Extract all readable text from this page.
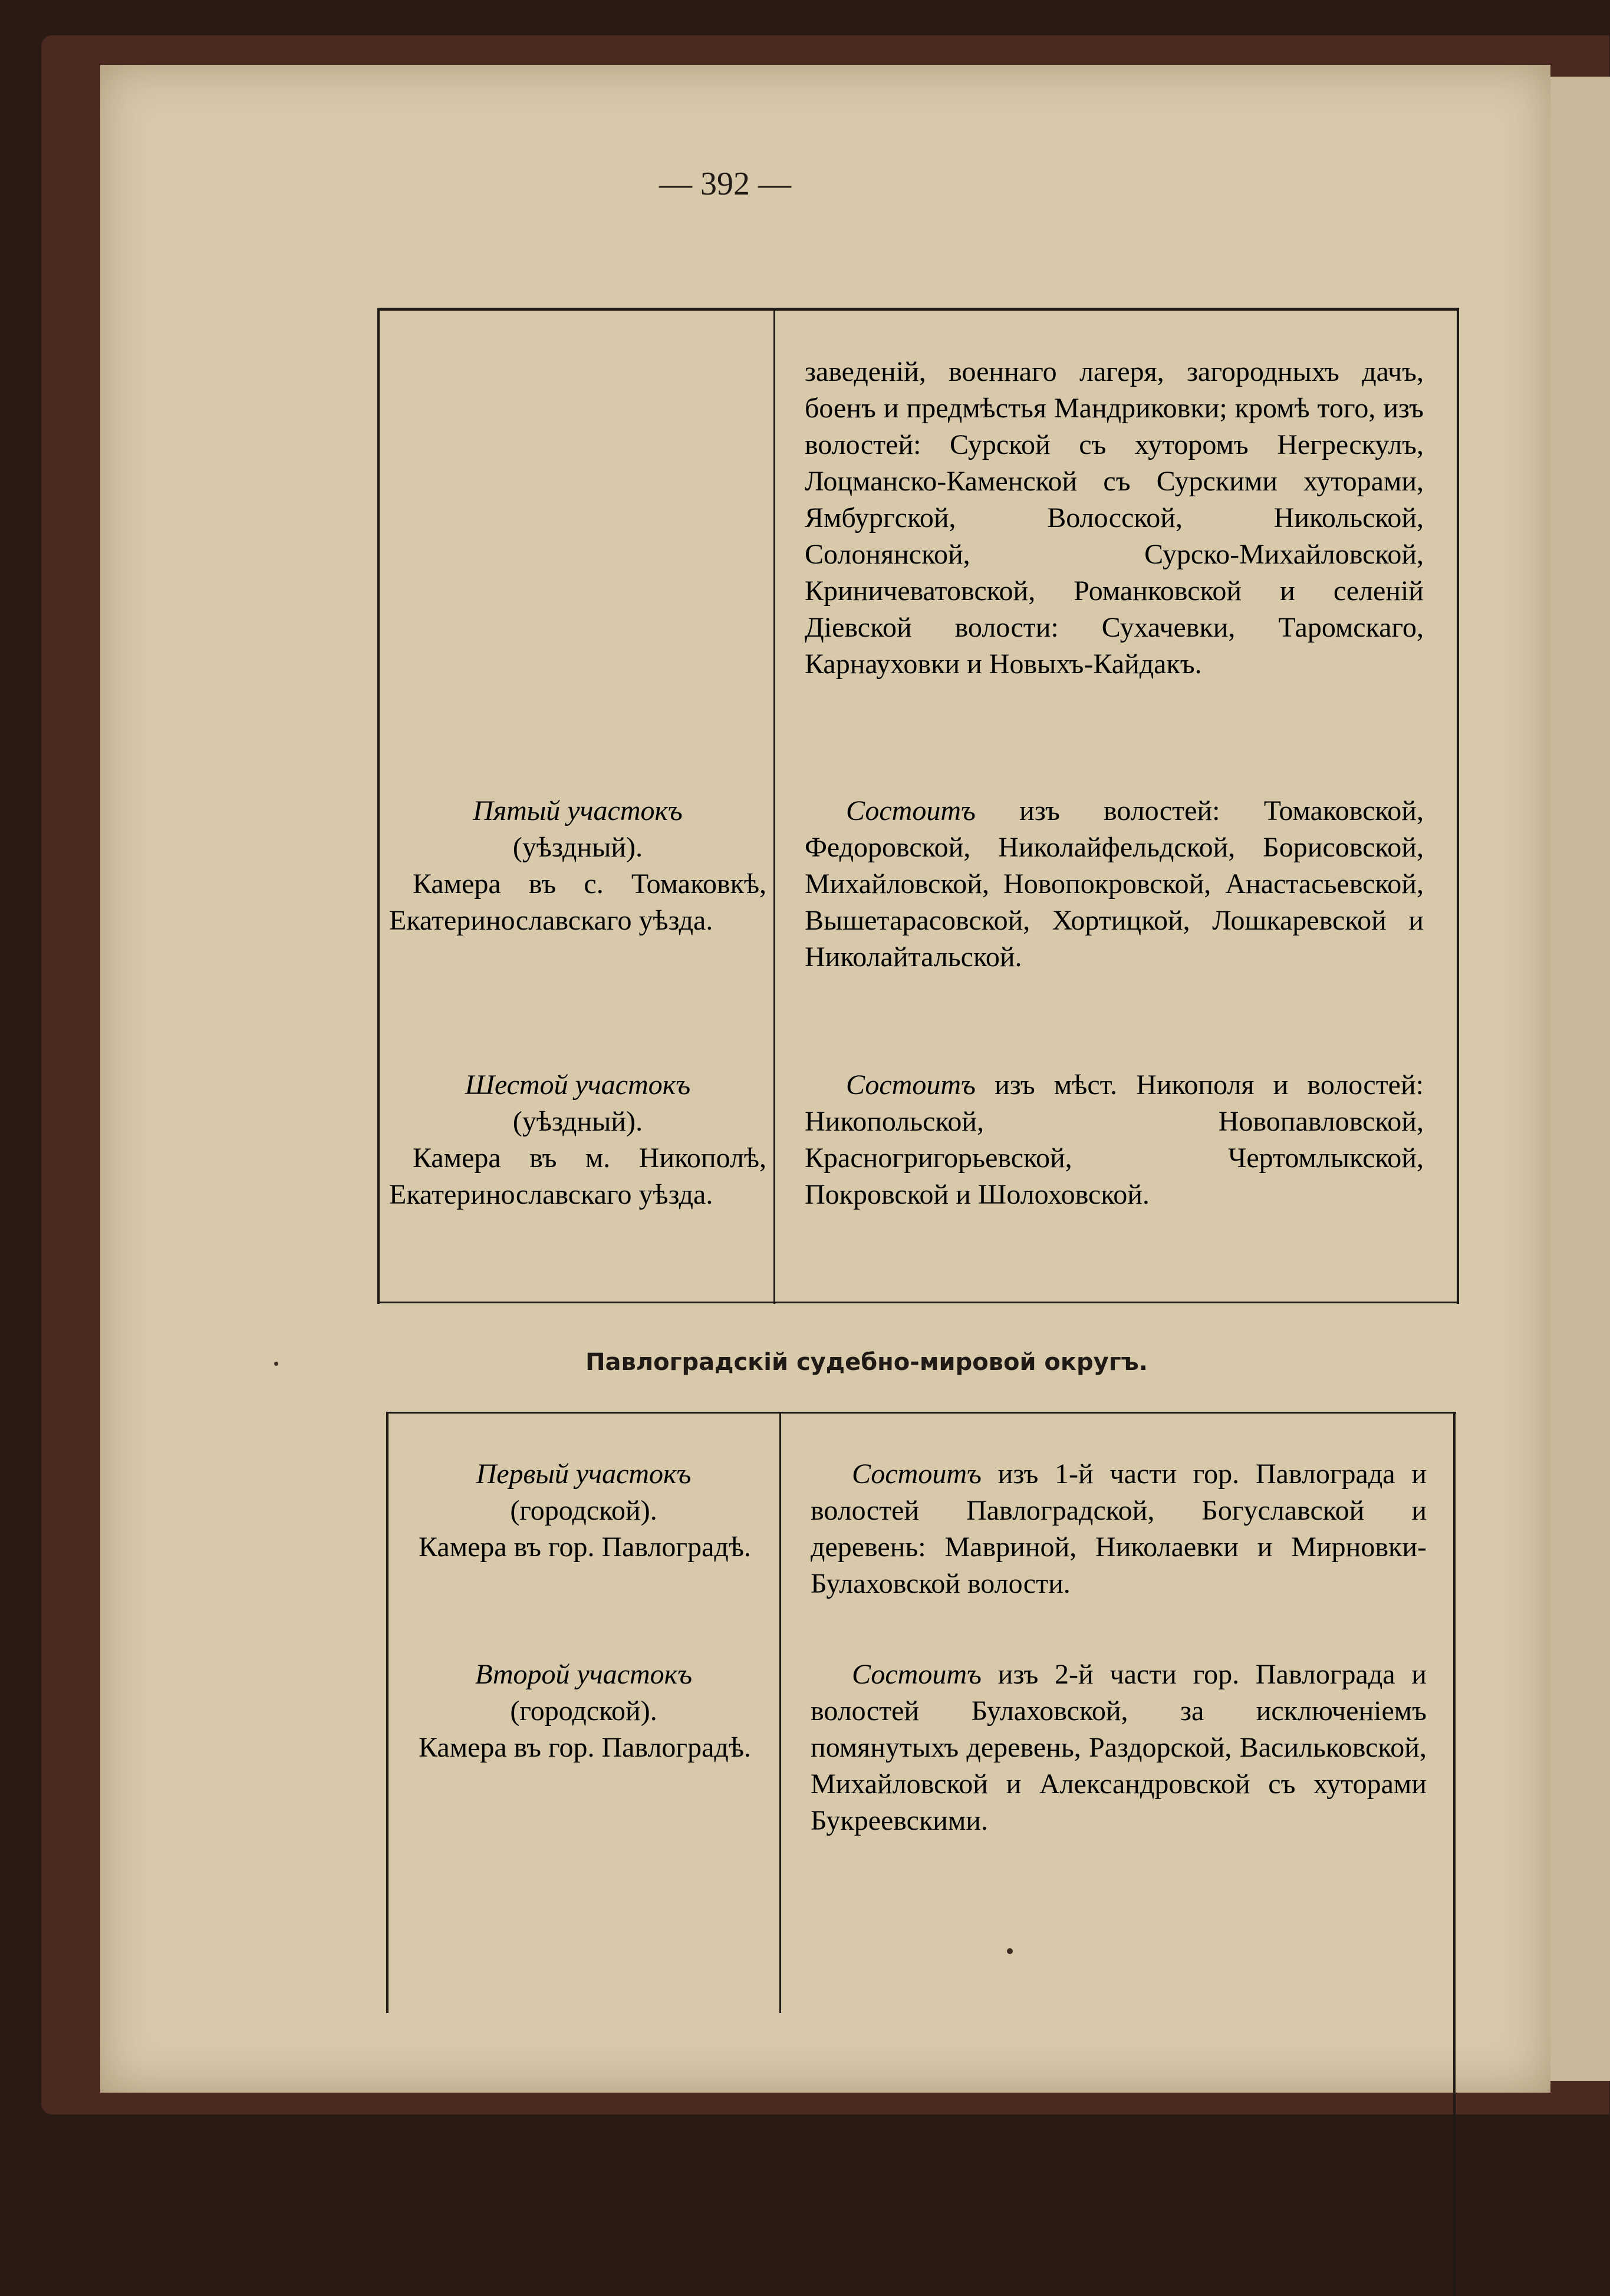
— 392 —
Павлоградскій судебно-мировой округъ.
заведеній, военнаго лагеря, загородныхъ дачъ, боенъ и предмѣстья Мандриковки; кромѣ того, изъ волостей: Сурской съ хуторомъ Негрескулъ, Лоцманско-Каменской съ Сурскими хуторами, Ямбургской, Волосской, Никольской, Солонянской, Сурско-Михайловской, Криничеватовской, Романковской и селеній Діевской волости: Сухачевки, Таромскаго, Карнауховки и Новыхъ-Кайдакъ.
Пятый участокъ
(уѣздный).
Камера въ с. Томаковкѣ, Екатеринославскаго уѣзда.
Состоитъ изъ волостей: Томаковской, Федоровской, Николайфельдской, Борисовской, Михайловской, Новопокровской, Анастасьевской, Вышетарасовской, Хортицкой, Лошкаревской и Николайтальской.
Шестой участокъ
(уѣздный).
Камера въ м. Никополѣ, Екатеринославскаго уѣзда.
Состоитъ изъ мѣст. Никополя и волостей: Никопольской, Новопавловской, Красногригорьевской, Чертомлыкской, Покровской и Шолоховской.
Первый участокъ
(городской).
Камера въ гор. Павлоградѣ.
Состоитъ изъ 1-й части гор. Павлограда и волостей Павлоградской, Богуславской и деревень: Мавриной, Николаевки и Мирновки-Булаховской волости.
Второй участокъ
(городской).
Камера въ гор. Павлоградѣ.
Состоитъ изъ 2-й части гор. Павлограда и волостей Булаховской, за исключеніемъ помянутыхъ деревень, Раздорской, Васильковской, Михайловской и Александровской съ хуторами Букреевскими.
